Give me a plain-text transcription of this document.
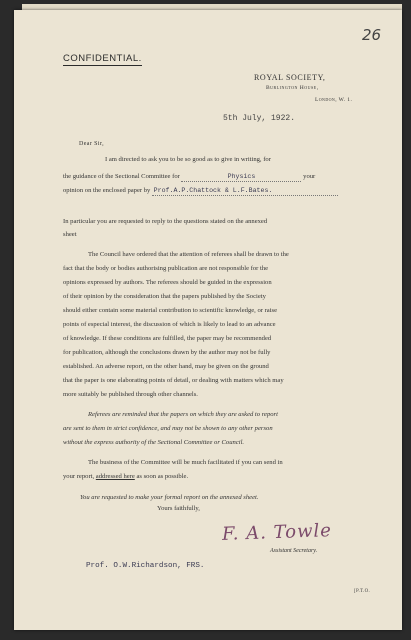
26
CONFIDENTIAL.
ROYAL SOCIETY,
Burlington House,
London, W. 1.
5th July, 1922.
Dear Sir,
I am directed to ask you to be so good as to give in writing, for
the guidance of the Sectional Committee for	Physics	your
opinion on the enclosed paper by Prof.A.P.Chattock & L.F.Bates.
In particular you are requested to reply to the questions stated on the annexed
sheet
The Council have ordered that the attention of referees shall be drawn to the
fact that the body or bodies authorising publication are not responsible for the
opinions expressed by authors. The referees should be guided in the expression
of their opinion by the consideration that the papers published by the Society
should either contain some material contribution to scientific knowledge, or raise
points of especial interest, the discussion of which is likely to lead to an advance
of knowledge. If these conditions are fulfilled, the paper may be recommended
for publication, although the conclusions drawn by the author may not be fully
established. An adverse report, on the other hand, may be given on the ground
that the paper is one elaborating points of detail, or dealing with matters which may
more suitably be published through other channels.
Referees are reminded that the papers on which they are asked to report
are sent to them in strict confidence, and may not be shown to any other person
without the express authority of the Sectional Committee or Council.
The business of the Committee will be much facilitated if you can send in
your report, addressed here as soon as possible.
You are requested to make your formal report on the annexed sheet.
Yours faithfully,
F. A. Towle
Assistant Secretary.
Prof. O.W.Richardson, FRS.
[P.T.O.
